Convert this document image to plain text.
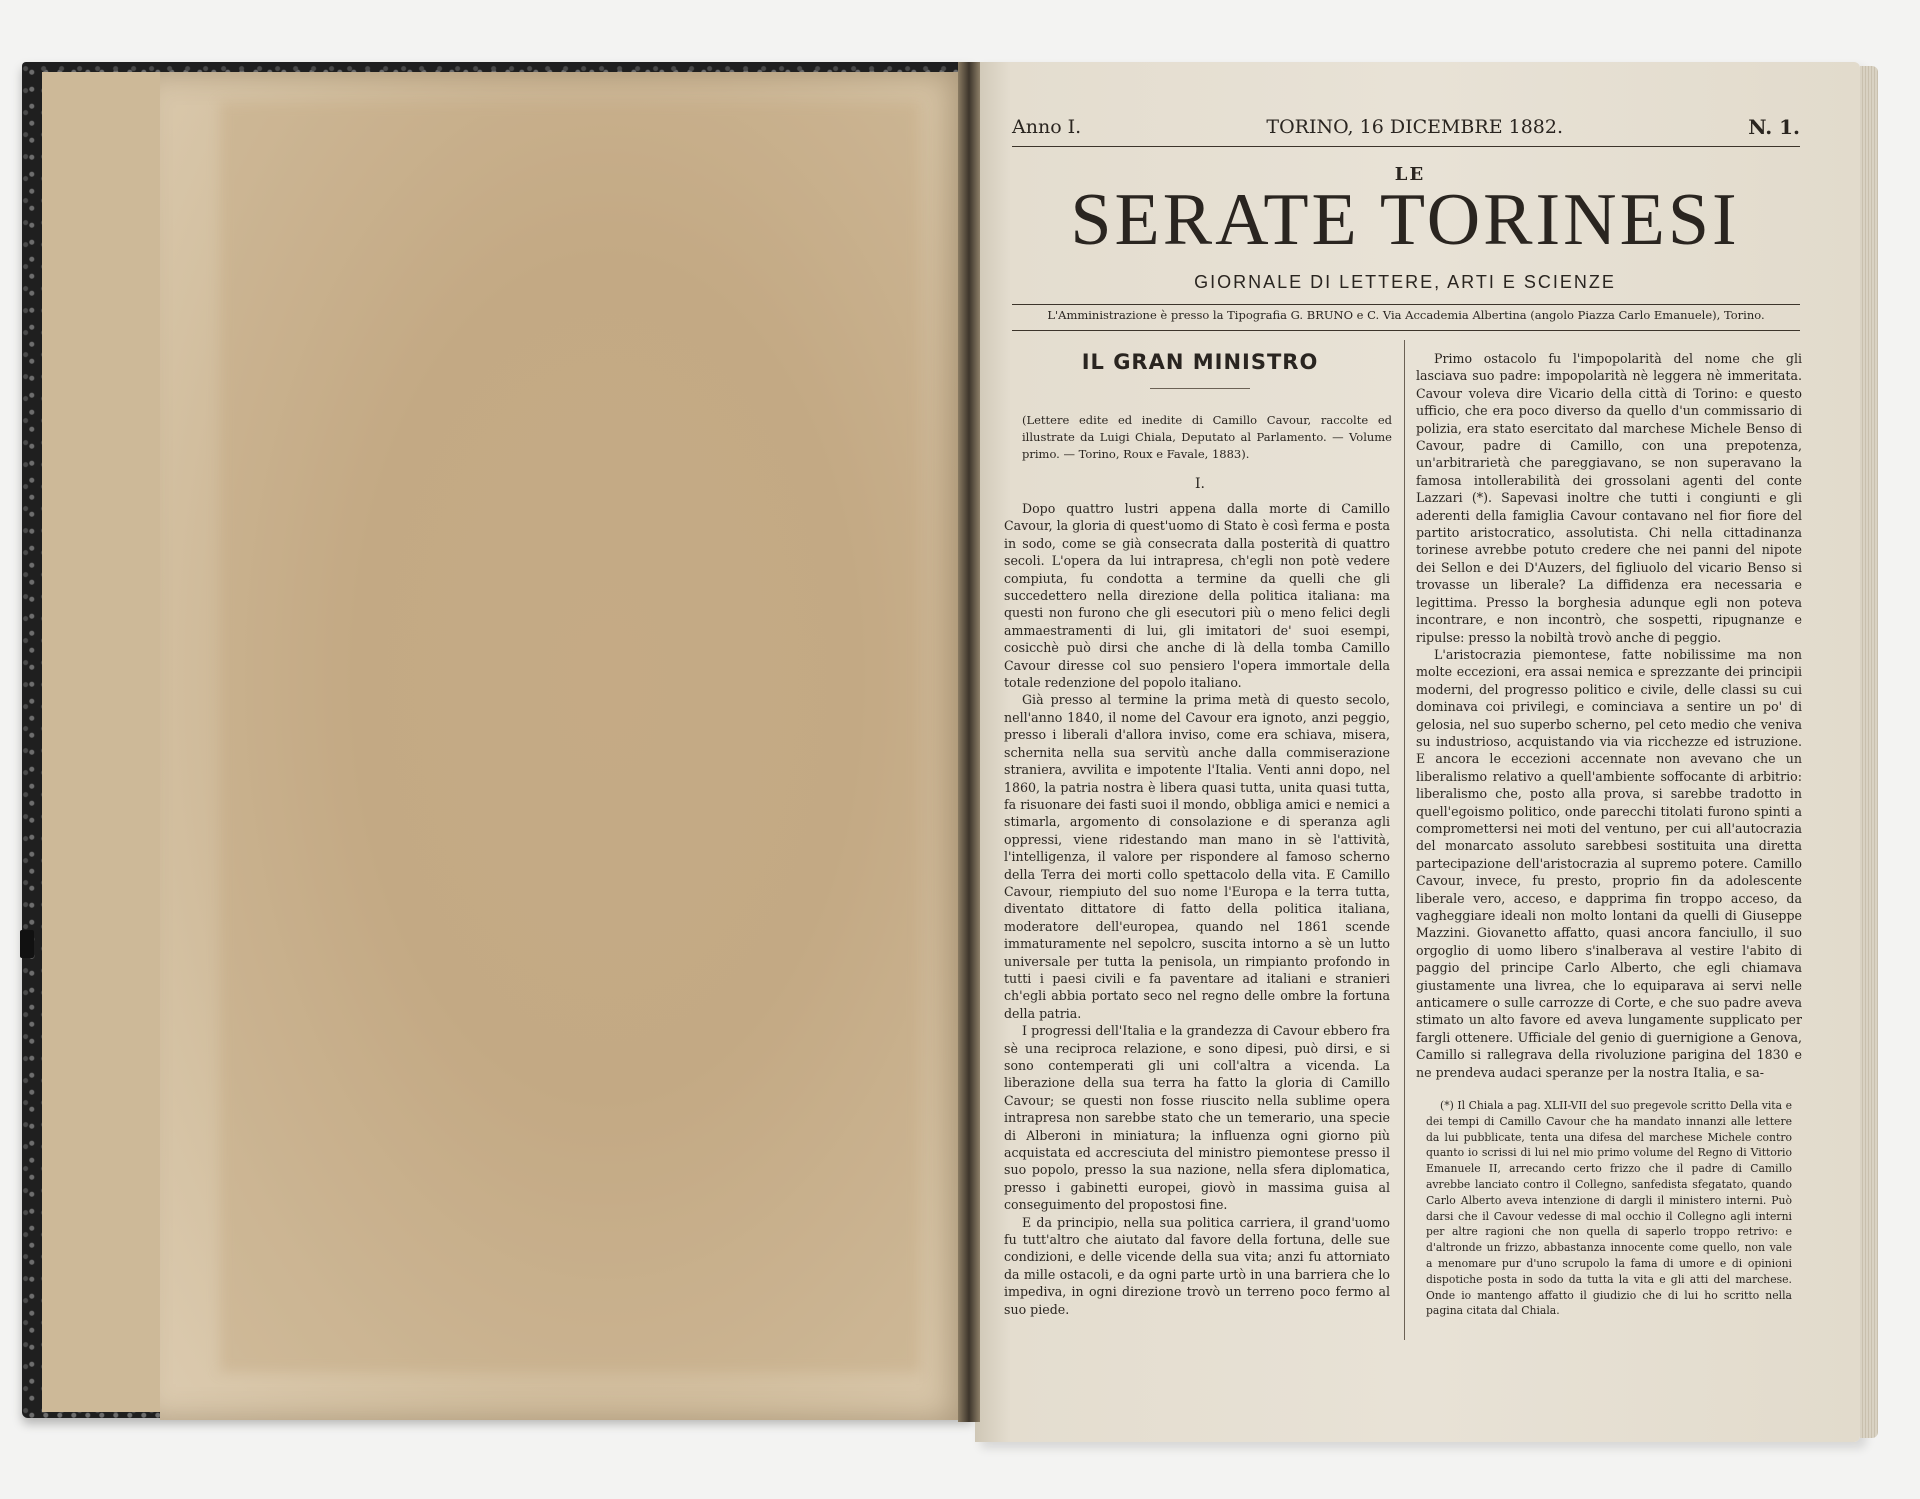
Anno I.	TORINO, 16 DICEMBRE 1882.	N. 1.
LE
SERATE TORINESI
GIORNALE DI LETTERE, ARTI E SCIENZE
L'Amministrazione è presso la Tipografia G. BRUNO e C. Via Accademia Albertina (angolo Piazza Carlo Emanuele), Torino.
IL GRAN MINISTRO
(Lettere edite ed inedite di Camillo Cavour, raccolte ed illustrate da Luigi Chiala, Deputato al Parlamento. — Volume primo. — Torino, Roux e Favale, 1883).
I.

Dopo quattro lustri appena dalla morte di Camillo Cavour, la gloria di quest'uomo di Stato è così ferma e posta in sodo, come se già consecrata dalla posterità di quattro secoli. L'opera da lui intrapresa, ch'egli non potè vedere compiuta, fu condotta a termine da quelli che gli succedettero nella direzione della politica italiana: ma questi non furono che gli esecutori più o meno felici degli ammaestramenti di lui, gli imitatori de' suoi esempi, cosicchè può dirsi che anche di là della tomba Camillo Cavour diresse col suo pensiero l'opera immortale della totale redenzione del popolo italiano.

Già presso al termine la prima metà di questo secolo, nell'anno 1840, il nome del Cavour era ignoto, anzi peggio, presso i liberali d'allora inviso, come era schiava, misera, schernita nella sua servitù anche dalla commiserazione straniera, avvilita e impotente l'Italia. Venti anni dopo, nel 1860, la patria nostra è libera quasi tutta, unita quasi tutta, fa risuonare dei fasti suoi il mondo, obbliga amici e nemici a stimarla, argomento di consolazione e di speranza agli oppressi, viene ridestando man mano in sè l'attività, l'intelligenza, il valore per rispondere al famoso scherno della Terra dei morti collo spettacolo della vita. E Camillo Cavour, riempiuto del suo nome l'Europa e la terra tutta, diventato dittatore di fatto della politica italiana, moderatore dell'europea, quando nel 1861 scende immaturamente nel sepolcro, suscita intorno a sè un lutto universale per tutta la penisola, un rimpianto profondo in tutti i paesi civili e fa paventare ad italiani e stranieri ch'egli abbia portato seco nel regno delle ombre la fortuna della patria.

I progressi dell'Italia e la grandezza di Cavour ebbero fra sè una reciproca relazione, e sono dipesi, può dirsi, e si sono contemperati gli uni coll'altra a vicenda. La liberazione della sua terra ha fatto la gloria di Camillo Cavour; se questi non fosse riuscito nella sublime opera intrapresa non sarebbe stato che un temerario, una specie di Alberoni in miniatura; la influenza ogni giorno più acquistata ed accresciuta del ministro piemontese presso il suo popolo, presso la sua nazione, nella sfera diplomatica, presso i gabinetti europei, giovò in massima guisa al conseguimento del propostosi fine.

E da principio, nella sua politica carriera, il grand'uomo fu tutt'altro che aiutato dal favore della fortuna, delle sue condizioni, e delle vicende della sua vita; anzi fu attorniato da mille ostacoli, e da ogni parte urtò in una barriera che lo impediva, in ogni direzione trovò un terreno poco fermo al suo piede.

Primo ostacolo fu l'impopolarità del nome che gli lasciava suo padre: impopolarità nè leggera nè immeritata. Cavour voleva dire Vicario della città di Torino: e questo ufficio, che era poco diverso da quello d'un commissario di polizia, era stato esercitato dal marchese Michele Benso di Cavour, padre di Camillo, con una prepotenza, un'arbitrarietà che pareggiavano, se non superavano la famosa intollerabilità dei grossolani agenti del conte Lazzari (*). Sapevasi inoltre che tutti i congiunti e gli aderenti della famiglia Cavour contavano nel fior fiore del partito aristocratico, assolutista. Chi nella cittadinanza torinese avrebbe potuto credere che nei panni del nipote dei Sellon e dei D'Auzers, del figliuolo del vicario Benso si trovasse un liberale? La diffidenza era necessaria e legittima. Presso la borghesia adunque egli non poteva incontrare, e non incontrò, che sospetti, ripugnanze e ripulse: presso la nobiltà trovò anche di peggio.

L'aristocrazia piemontese, fatte nobilissime ma non molte eccezioni, era assai nemica e sprezzante dei principii moderni, del progresso politico e civile, delle classi su cui dominava coi privilegi, e cominciava a sentire un po' di gelosia, nel suo superbo scherno, pel ceto medio che veniva su industrioso, acquistando via via ricchezze ed istruzione. E ancora le eccezioni accennate non avevano che un liberalismo relativo a quell'ambiente soffocante di arbitrio: liberalismo che, posto alla prova, si sarebbe tradotto in quell'egoismo politico, onde parecchi titolati furono spinti a compromettersi nei moti del ventuno, per cui all'autocrazia del monarcato assoluto sarebbesi sostituita una diretta partecipazione dell'aristocrazia al supremo potere. Camillo Cavour, invece, fu presto, proprio fin da adolescente liberale vero, acceso, e dapprima fin troppo acceso, da vagheggiare ideali non molto lontani da quelli di Giuseppe Mazzini. Giovanetto affatto, quasi ancora fanciullo, il suo orgoglio di uomo libero s'inalberava al vestire l'abito di paggio del principe Carlo Alberto, che egli chiamava giustamente una livrea, che lo equiparava ai servi nelle anticamere o sulle carrozze di Corte, e che suo padre aveva stimato un alto favore ed aveva lungamente supplicato per fargli ottenere. Ufficiale del genio di guernigione a Genova, Camillo si rallegrava della rivoluzione parigina del 1830 e ne prendeva audaci speranze per la nostra Italia, e sa-

(*) Il Chiala a pag. XLII-VII del suo pregevole scritto Della vita e dei tempi di Camillo Cavour che ha mandato innanzi alle lettere da lui pubblicate, tenta una difesa del marchese Michele contro quanto io scrissi di lui nel mio primo volume del Regno di Vittorio Emanuele II, arrecando certo frizzo che il padre di Camillo avrebbe lanciato contro il Collegno, sanfedista sfegatato, quando Carlo Alberto aveva intenzione di dargli il ministero interni. Può darsi che il Cavour vedesse di mal occhio il Collegno agli interni per altre ragioni che non quella di saperlo troppo retrivo: e d'altronde un frizzo, abbastanza innocente come quello, non vale a menomare pur d'uno scrupolo la fama di umore e di opinioni dispotiche posta in sodo da tutta la vita e gli atti del marchese. Onde io mantengo affatto il giudizio che di lui ho scritto nella pagina citata dal Chiala.
